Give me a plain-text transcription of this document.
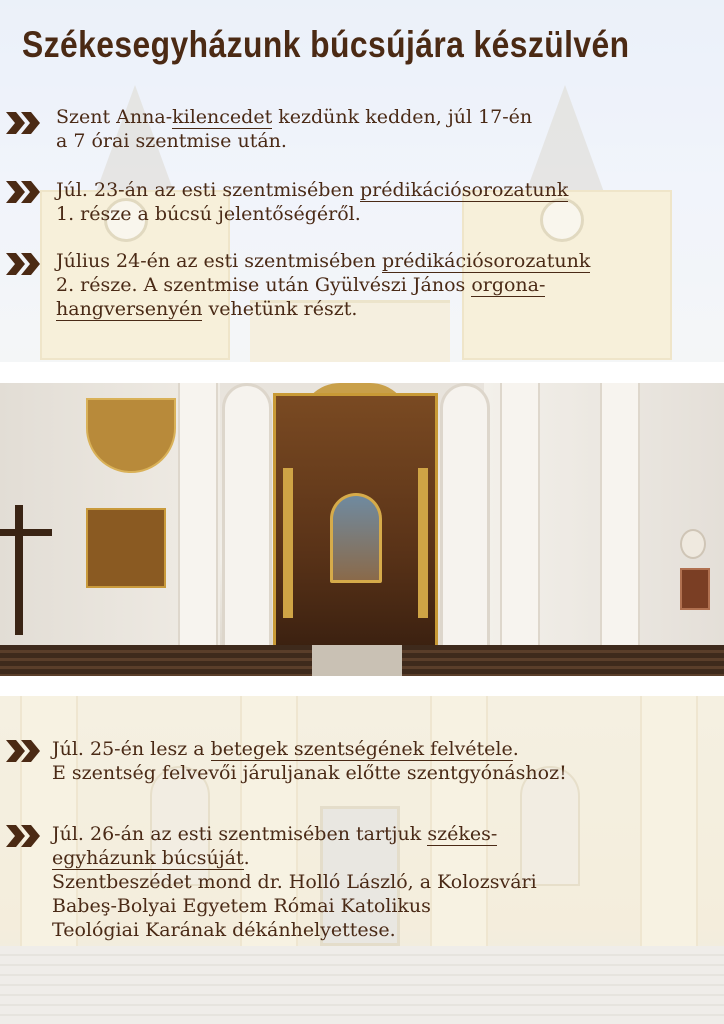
Székesegyházunk búcsújára készülvén
Szent Anna-kilencedet kezdünk kedden, júl 17-én
a 7 órai szentmise után.
Júl. 23-án az esti szentmisében prédikációsorozatunk
1. része a búcsú jelentőségéről.
Július 24-én az esti szentmisében prédikációsorozatunk
2. része. A szentmise után Gyülvészi János orgona-
hangversenyén vehetünk részt.
Júl. 25-én lesz a betegek szentségének felvétele.
E szentség felvevői járuljanak előtte szentgyónáshoz!
Júl. 26-án az esti szentmisében tartjuk székes-
egyházunk búcsúját.
Szentbeszédet mond dr. Holló László, a Kolozsvári
Babeş-Bolyai Egyetem Római Katolikus
Teológiai Karának dékánhelyettese.
